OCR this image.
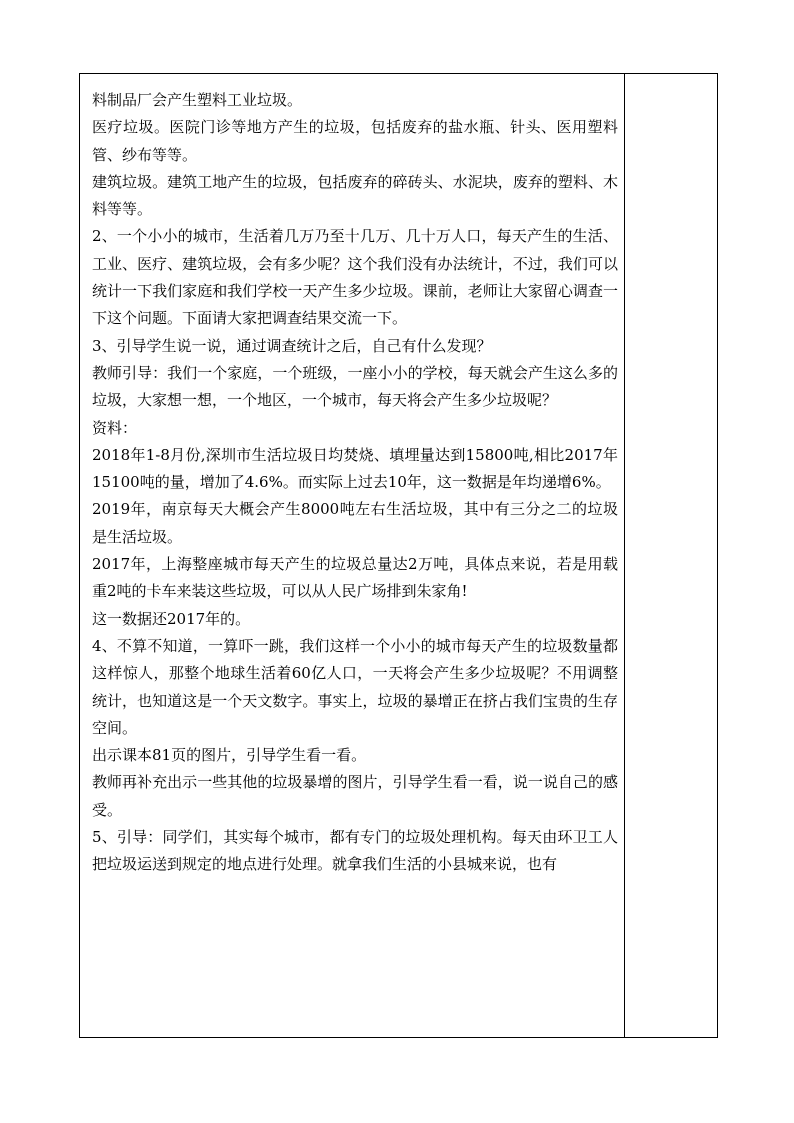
料制品厂会产生塑料工业垃圾。

医疗垃圾。医院门诊等地方产生的垃圾，包括废弃的盐水瓶、针头、医用塑料管、纱布等等。

建筑垃圾。建筑工地产生的垃圾，包括废弃的碎砖头、水泥块，废弃的塑料、木料等等。

2、一个小小的城市，生活着几万乃至十几万、几十万人口，每天产生的生活、工业、医疗、建筑垃圾，会有多少呢？这个我们没有办法统计，不过，我们可以统计一下我们家庭和我们学校一天产生多少垃圾。课前，老师让大家留心调查一下这个问题。下面请大家把调查结果交流一下。

3、引导学生说一说，通过调查统计之后，自己有什么发现？

教师引导：我们一个家庭，一个班级，一座小小的学校，每天就会产生这么多的垃圾，大家想一想，一个地区，一个城市，每天将会产生多少垃圾呢？

资料：

2018年1-8月份,深圳市生活垃圾日均焚烧、填埋量达到15800吨,相比2017年15100吨的量，增加了4.6%。而实际上过去10年，这一数据是年均递增6%。

2019年，南京每天大概会产生8000吨左右生活垃圾，其中有三分之二的垃圾是生活垃圾。

2017年，上海整座城市每天产生的垃圾总量达2万吨，具体点来说，若是用载重2吨的卡车来装这些垃圾，可以从人民广场排到朱家角!

这一数据还2017年的。

4、不算不知道，一算吓一跳，我们这样一个小小的城市每天产生的垃圾数量都这样惊人，那整个地球生活着60亿人口，一天将会产生多少垃圾呢？不用调整统计，也知道这是一个天文数字。事实上，垃圾的暴增正在挤占我们宝贵的生存空间。

出示课本81页的图片，引导学生看一看。

教师再补充出示一些其他的垃圾暴增的图片，引导学生看一看，说一说自己的感受。

5、引导：同学们，其实每个城市，都有专门的垃圾处理机构。每天由环卫工人把垃圾运送到规定的地点进行处理。就拿我们生活的小县城来说，也有
